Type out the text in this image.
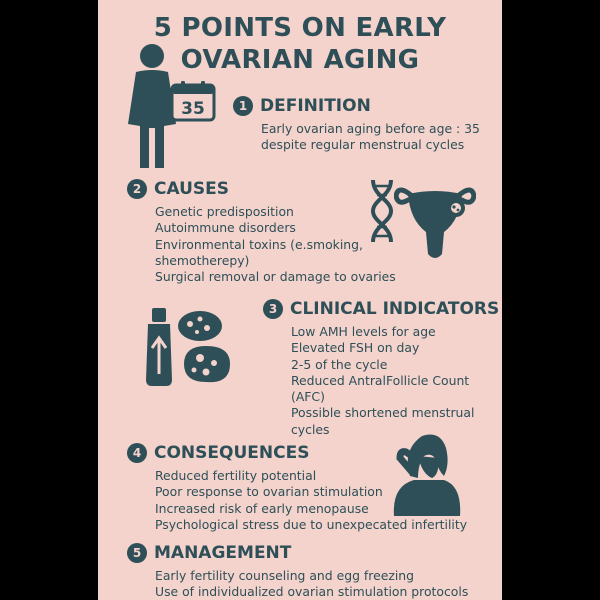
5 POINTS ON EARLY
OVARIAN AGING
35	1 DEFINITION
Early ovarian aging before age : 35
despite regular menstrual cycles
2 CAUSES
Genetic predisposition
Autoimmune disorders
Environmental toxins (e.smoking,
shemotherepy)
Surgical removal or damage to ovaries
3 CLINICAL INDICATORS
Low AMH levels for age
Elevated FSH on day
2-5 of the cycle
Reduced AntralFollicle Count
(AFC)
Possible shortened menstrual
cycles
4 CONSEQUENCES
Reduced fertility potential
Poor response to ovarian stimulation
Increased risk of early menopause
Psychological stress due to unexpecated infertility
5 MANAGEMENT
Early fertility counseling and egg freezing
Use of individualized ovarian stimulation protocols
